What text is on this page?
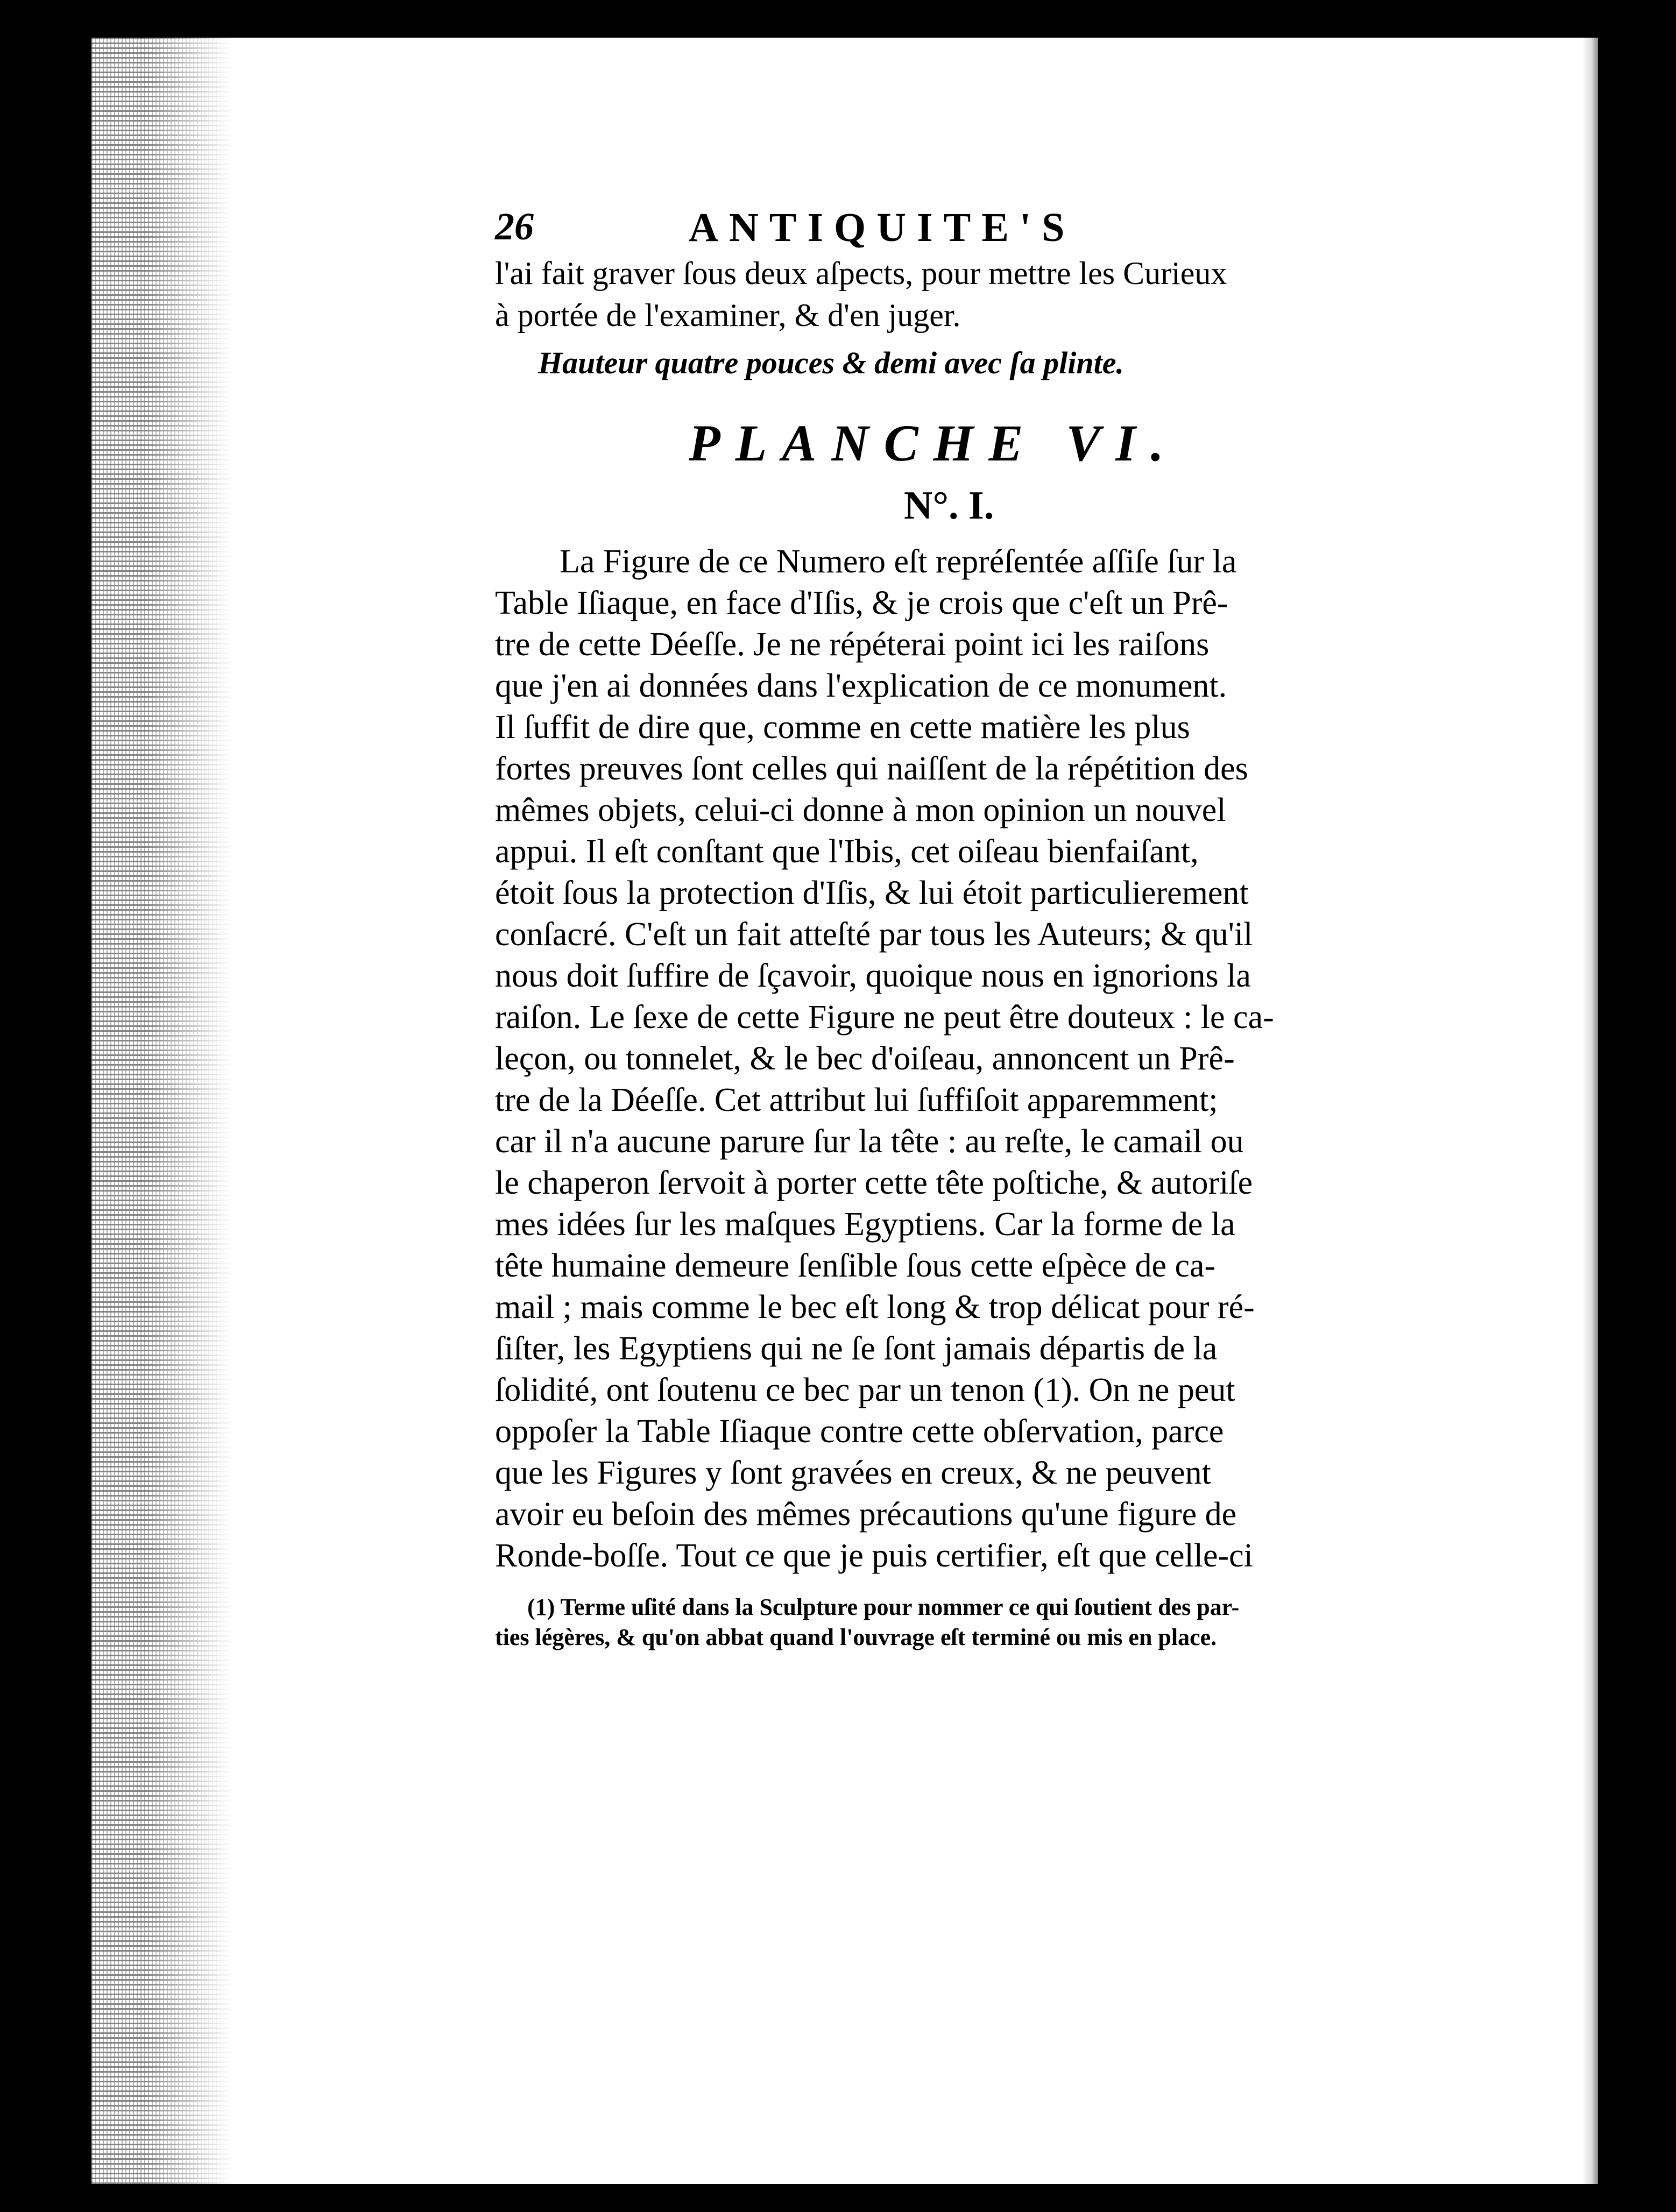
26	ANTIQUITE'S
l'ai fait graver ſous deux aſpects, pour mettre les Curieux
à portée de l'examiner, & d'en juger.
Hauteur quatre pouces & demi avec ſa plinte.
PLANCHE VI.
N°. I.
La Figure de ce Numero eſt repréſentée aſſiſe ſur la
Table Iſiaque, en face d'Iſis, & je crois que c'eſt un Prê-
tre de cette Déeſſe. Je ne répéterai point ici les raiſons
que j'en ai données dans l'explication de ce monument.
Il ſuffit de dire que, comme en cette matière les plus
fortes preuves ſont celles qui naiſſent de la répétition des
mêmes objets, celui-ci donne à mon opinion un nouvel
appui. Il eſt conſtant que l'Ibis, cet oiſeau bienfaiſant,
étoit ſous la protection d'Iſis, & lui étoit particulierement
conſacré. C'eſt un fait atteſté par tous les Auteurs; & qu'il
nous doit ſuffire de ſçavoir, quoique nous en ignorions la
raiſon. Le ſexe de cette Figure ne peut être douteux : le ca-
leçon, ou tonnelet, & le bec d'oiſeau, annoncent un Prê-
tre de la Déeſſe. Cet attribut lui ſuffiſoit apparemment;
car il n'a aucune parure ſur la tête : au reſte, le camail ou
le chaperon ſervoit à porter cette tête poſtiche, & autoriſe
mes idées ſur les maſques Egyptiens. Car la forme de la
tête humaine demeure ſenſible ſous cette eſpèce de ca-
mail ; mais comme le bec eſt long & trop délicat pour ré-
ſiſter, les Egyptiens qui ne ſe ſont jamais départis de la
ſolidité, ont ſoutenu ce bec par un tenon (1). On ne peut
oppoſer la Table Iſiaque contre cette obſervation, parce
que les Figures y ſont gravées en creux, & ne peuvent
avoir eu beſoin des mêmes précautions qu'une figure de
Ronde-boſſe. Tout ce que je puis certifier, eſt que celle-ci
(1) Terme uſité dans la Sculpture pour nommer ce qui ſoutient des par-
ties légères, & qu'on abbat quand l'ouvrage eſt terminé ou mis en place.
